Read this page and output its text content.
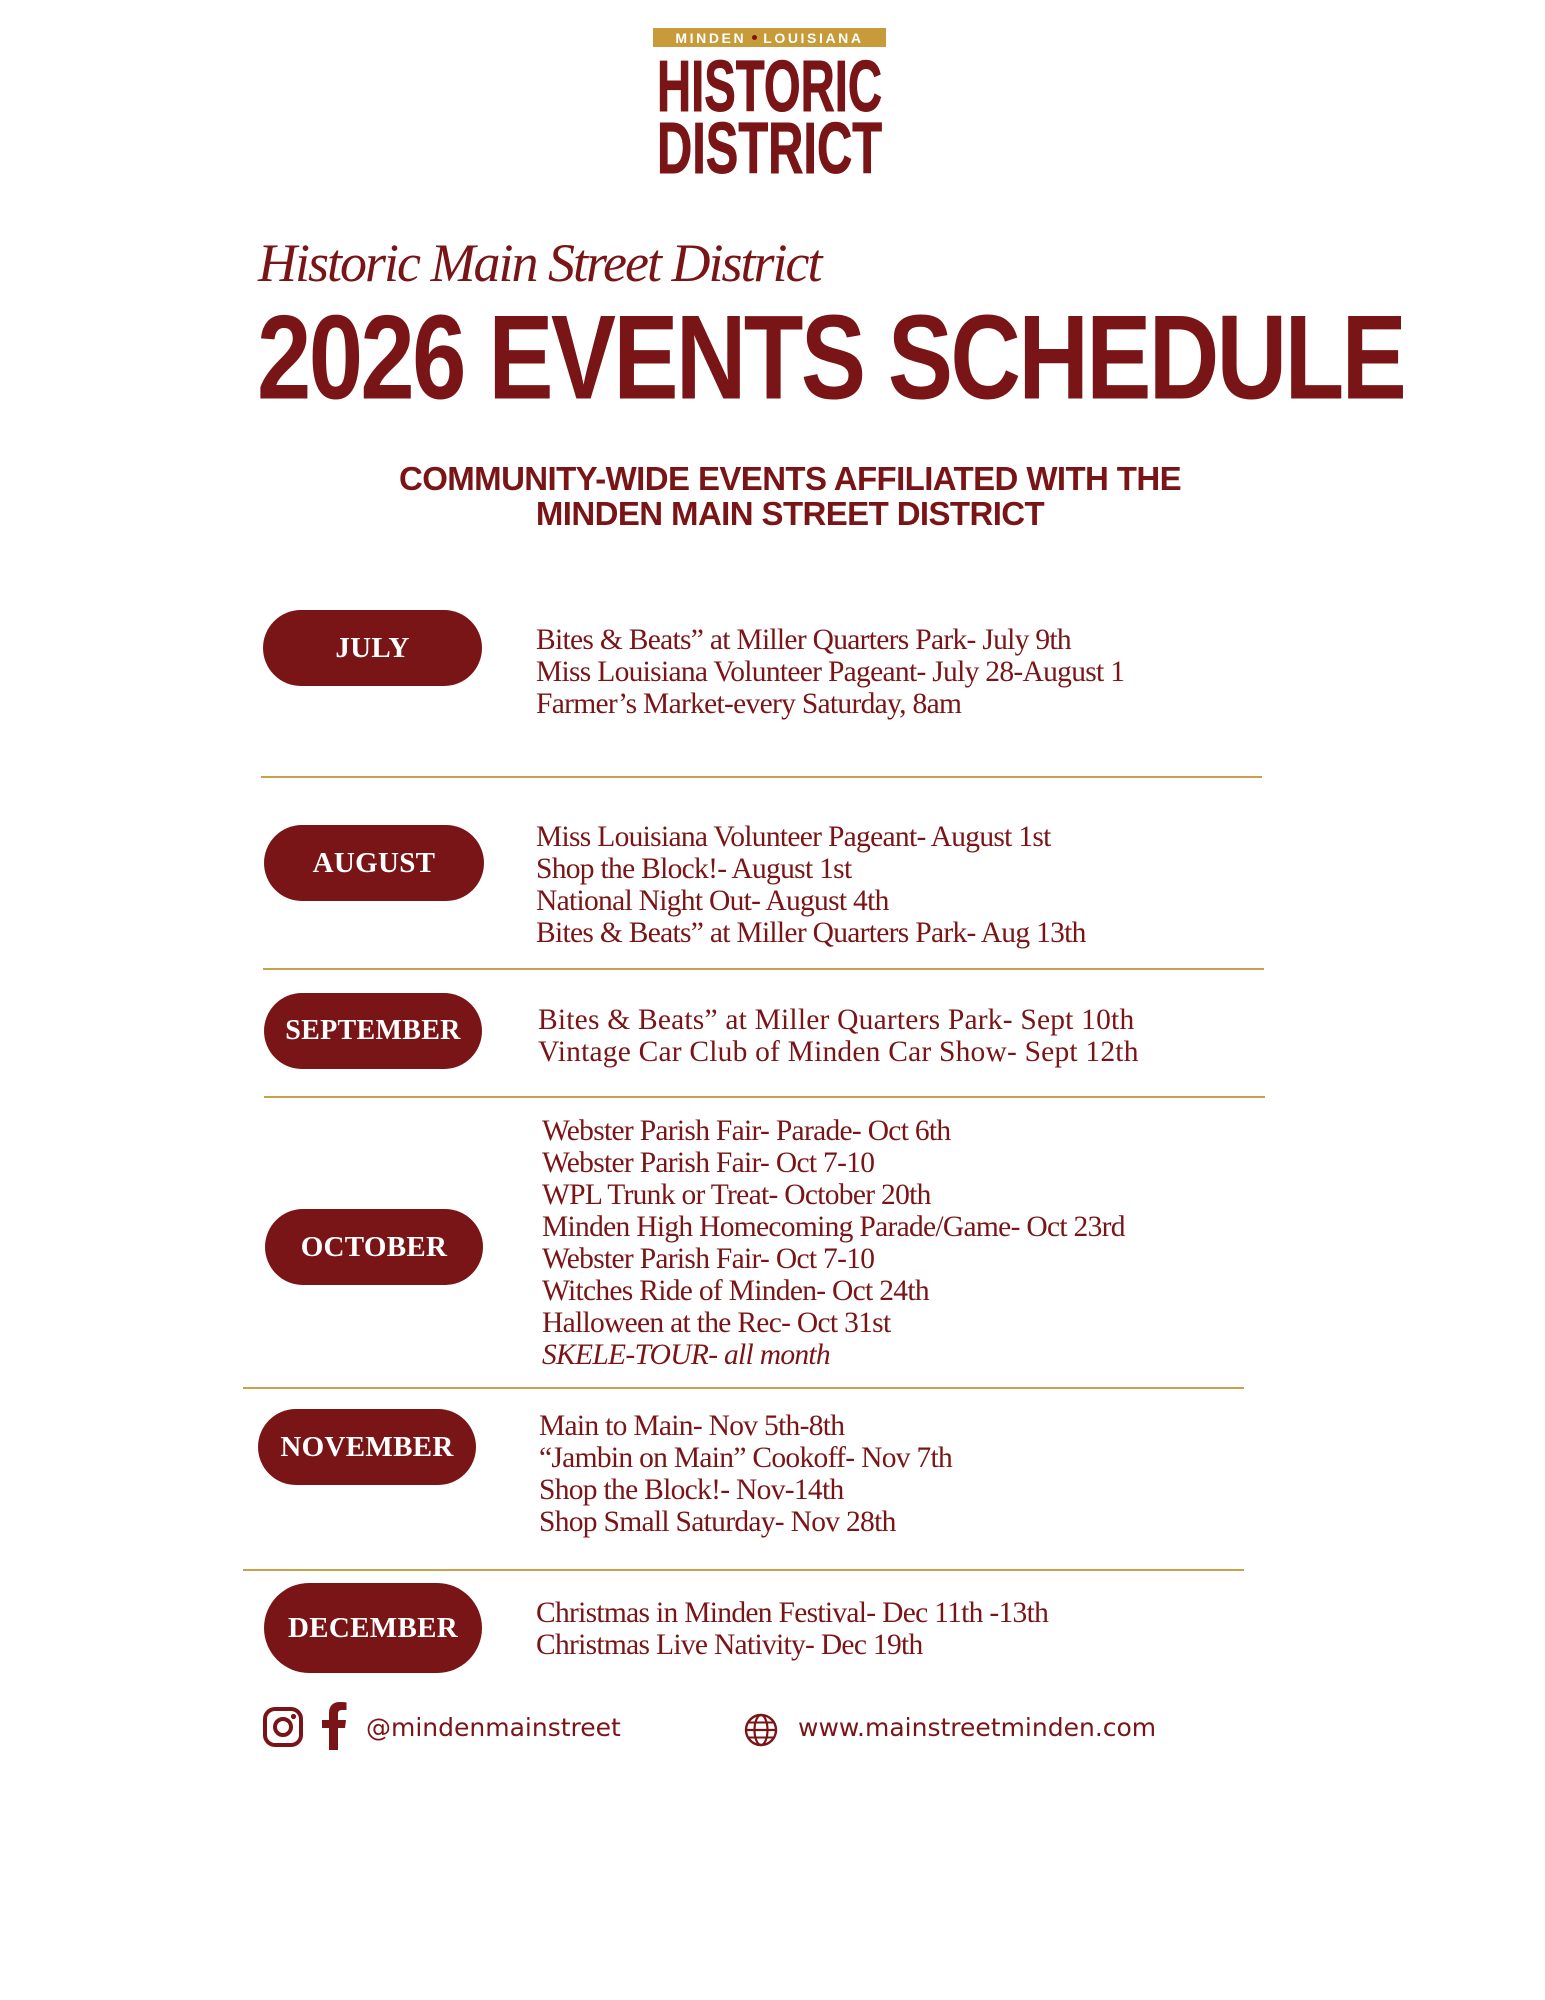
MINDEN LOUISIANA
HISTORIC
DISTRICT
Historic Main Street District
2026 EVENTS SCHEDULE
COMMUNITY-WIDE EVENTS AFFILIATED WITH THE
MINDEN MAIN STREET DISTRICT
JULY	Bites & Beats” at Miller Quarters Park- July 9th
Miss Louisiana Volunteer Pageant- July 28-August 1
Farmer’s Market-every Saturday, 8am
AUGUST
Miss Louisiana Volunteer Pageant- August 1st
Shop the Block!- August 1st
National Night Out- August 4th
Bites & Beats” at Miller Quarters Park- Aug 13th
SEPTEMBER	Bites & Beats” at Miller Quarters Park- Sept 10th
Vintage Car Club of Minden Car Show- Sept 12th
OCTOBER
Webster Parish Fair- Parade- Oct 6th
Webster Parish Fair- Oct 7-10
WPL Trunk or Treat- October 20th
Minden High Homecoming Parade/Game- Oct 23rd
Webster Parish Fair- Oct 7-10
Witches Ride of Minden- Oct 24th
Halloween at the Rec- Oct 31st
SKELE-TOUR- all month
NOVEMBER
Main to Main- Nov 5th-8th
“Jambin on Main” Cookoff- Nov 7th
Shop the Block!- Nov-14th
Shop Small Saturday- Nov 28th
DECEMBER	Christmas in Minden Festival- Dec 11th -13th
Christmas Live Nativity- Dec 19th
@mindenmainstreet	www.mainstreetminden.com
